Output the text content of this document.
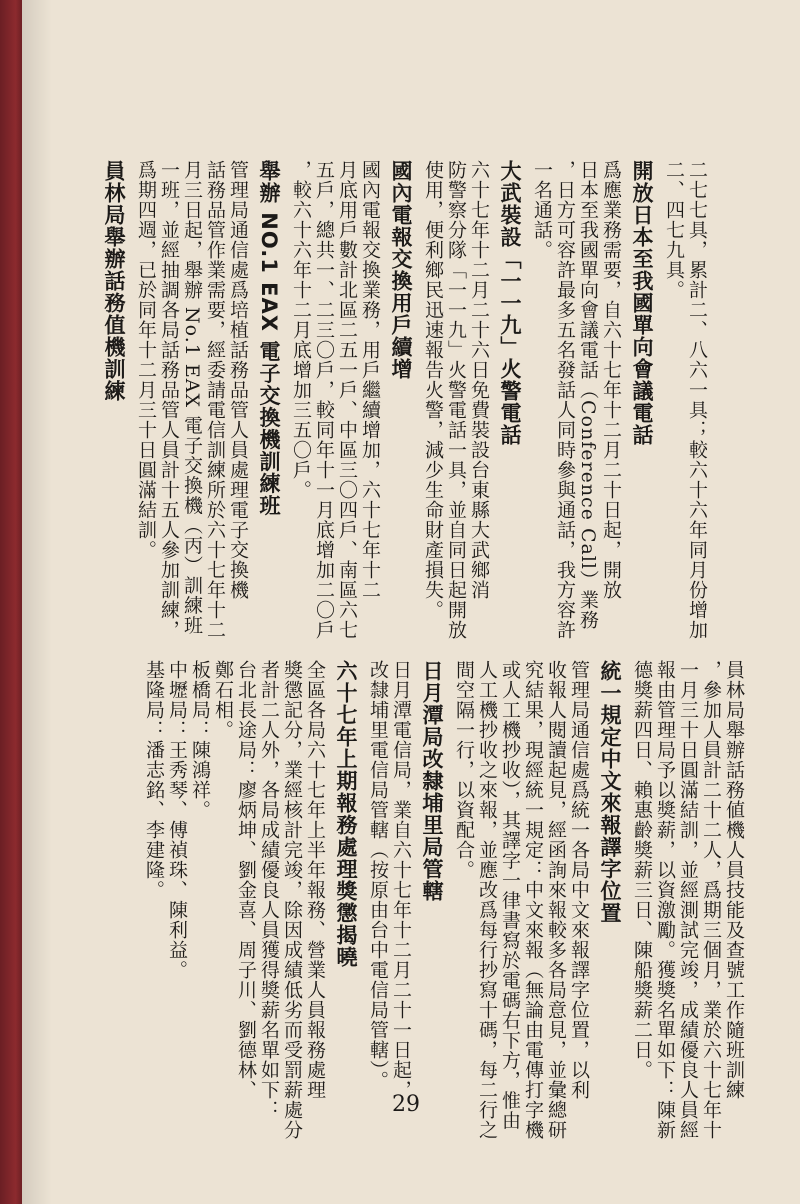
二七七具，累計二、八六一具；較六十六年同月份增加

二、四七九具。

開放日本至我國單向會議電話

爲應業務需要，自六十七年十二月二十日起，開放

日本至我國單向會議電話（Conference Call）業務

，日方可容許最多五名發話人同時參與通話，我方容許

一名通話。

大武裝設「一一九」火警電話

六十七年十二月二十六日免費裝設台東縣大武鄉消

防警察分隊「一一九」火警電話一具，並自同日起開放

使用，便利鄉民迅速報告火警，減少生命財產損失。

國內電報交換用戶續增

國內電報交換業務，用戶繼續增加，六十七年十二

月底用戶數計北區二五一戶、中區三〇四戶、南區六七

五戶，總共一、二三〇戶，較同年十一月底增加二〇戶

，較六十六年十二月底增加三五〇戶。

舉辦 NO.1 EAX 電子交換機訓練班

管理局通信處爲培植話務品管人員處理電子交換機

話務品管作業需要，經委請電信訓練所於六十七年十二

月三日起，舉辦 No.1 EAX 電子交換機（丙）訓練班

一班，並經抽調各局話務品管人員計十五人參加訓練，

爲期四週，已於同年十二月三十日圓滿結訓。

員林局舉辦話務值機訓練

員林局舉辦話務値機人員技能及查號工作隨班訓練

，參加人員計二十二人，爲期三個月，業於六十七年十

一月三十日圓滿結訓，並經測試完竣，成績優良人員經

報由管理局予以獎薪，以資激勵。獲獎名單如下：陳新

德獎薪四日、賴惠齡獎薪三日、陳船獎薪二日。

統一規定中文來報譯字位置

管理局通信處爲統一各局中文來報譯字位置，以利

收報人閱讀起見，經函詢來報較多各局意見，並彙總研

究結果，現經統一規定：中文來報（無論由電傳打字機

或人工機抄收），其譯字一律書寫於電碼右下方，惟由

人工機抄收之來報，並應改爲每行抄寫十碼，每二行之

間空隔一行，以資配合。

日月潭局改隸埔里局管轄

日月潭電信局，業自六十七年十二月二十一日起，

改隸埔里電信局管轄（按原由台中電信局管轄）。

六十七年上期報務處理獎懲揭曉

全區各局六十七年上半年報務、營業人員報務處理

獎懲記分，業經核計完竣，除因成績低劣而受罰薪處分

者計二人外，各局成績優良人員獲得獎薪名單如下：

台北長途局：廖炳坤、劉金喜、周子川、劉德林、

鄭石相。

板橋局：陳鴻祥。

中壢局：王秀琴、傅禎珠、陳利益。

基隆局：潘志銘、李建隆。

29
